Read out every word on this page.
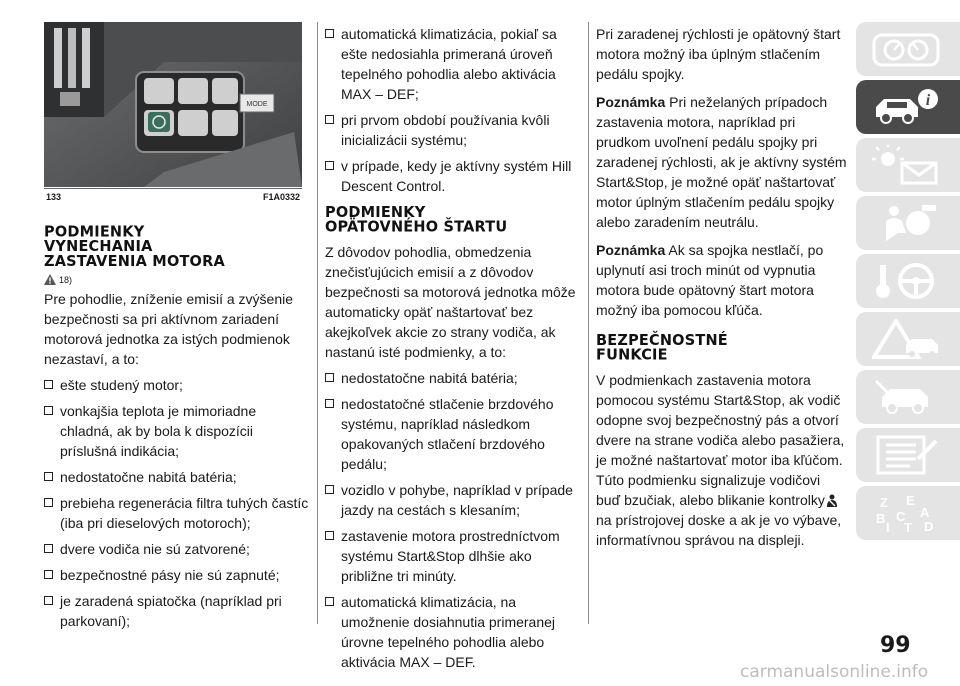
MODE
133	F1A0332
PODMIENKY
VYNECHANIA
ZASTAVENIA MOTORA
18)

Pre pohodlie, zníženie emisií a zvýšenie bezpečnosti sa pri aktívnom zariadení motorová jednotka za istých podmienok nezastaví, a to:

ešte studený motor;
vonkajšia teplota je mimoriadne chladná, ak by bola k dispozícii príslušná indikácia;
nedostatočne nabitá batéria;
prebieha regenerácia filtra tuhých častíc (iba pri dieselových motoroch);
dvere vodiča nie sú zatvorené;
bezpečnostné pásy nie sú zapnuté;
je zaradená spiatočka (napríklad pri parkovaní);
automatická klimatizácia, pokiaľ sa ešte nedosiahla primeraná úroveň tepelného pohodlia alebo aktivácia MAX – DEF;
pri prvom období používania kvôli inicializácii systému;
v prípade, kedy je aktívny systém Hill Descent Control.
PODMIENKY
OPÄTOVNÉHO ŠTARTU

Z dôvodov pohodlia, obmedzenia znečisťujúcich emisií a z dôvodov bezpečnosti sa motorová jednotka môže automaticky opäť naštartovať bez akejkoľvek akcie zo strany vodiča, ak nastanú isté podmienky, a to:

nedostatočne nabitá batéria;
nedostatočné stlačenie brzdového systému, napríklad následkom opakovaných stlačení brzdového pedálu;
vozidlo v pohybe, napríklad v prípade jazdy na cestách s klesaním;
zastavenie motora prostredníctvom systému Start&Stop dlhšie ako približne tri minúty.
automatická klimatizácia, na umožnenie dosiahnutia primeranej úrovne tepelného pohodlia alebo aktivácia MAX – DEF.

Pri zaradenej rýchlosti je opätovný štart motora možný iba úplným stlačením pedálu spojky.

Poznámka Pri neželaných prípadoch zastavenia motora, napríklad pri prudkom uvoľnení pedálu spojky pri zaradenej rýchlosti, ak je aktívny systém Start&Stop, je možné opäť naštartovať motor úplným stlačením pedálu spojky alebo zaradením neutrálu.

Poznámka Ak sa spojka nestlačí, po uplynutí asi troch minút od vypnutia motora bude opätovný štart motora možný iba pomocou kľúča.

BEZPEČNOSTNÉ
FUNKCIE

V podmienkach zastavenia motora pomocou systému Start&Stop, ak vodič odopne svoj bezpečnostný pás a otvorí dvere na strane vodiča alebo pasažiera, je možné naštartovať motor iba kľúčom. Túto podmienku signalizuje vodičovi buď bzučiak, alebo blikanie kontrolkyna prístrojovej doske a ak je vo výbave, informatívnou správou na displeji.

i
Z E
A
B C
D
I T
99
carmanualsonline.info
